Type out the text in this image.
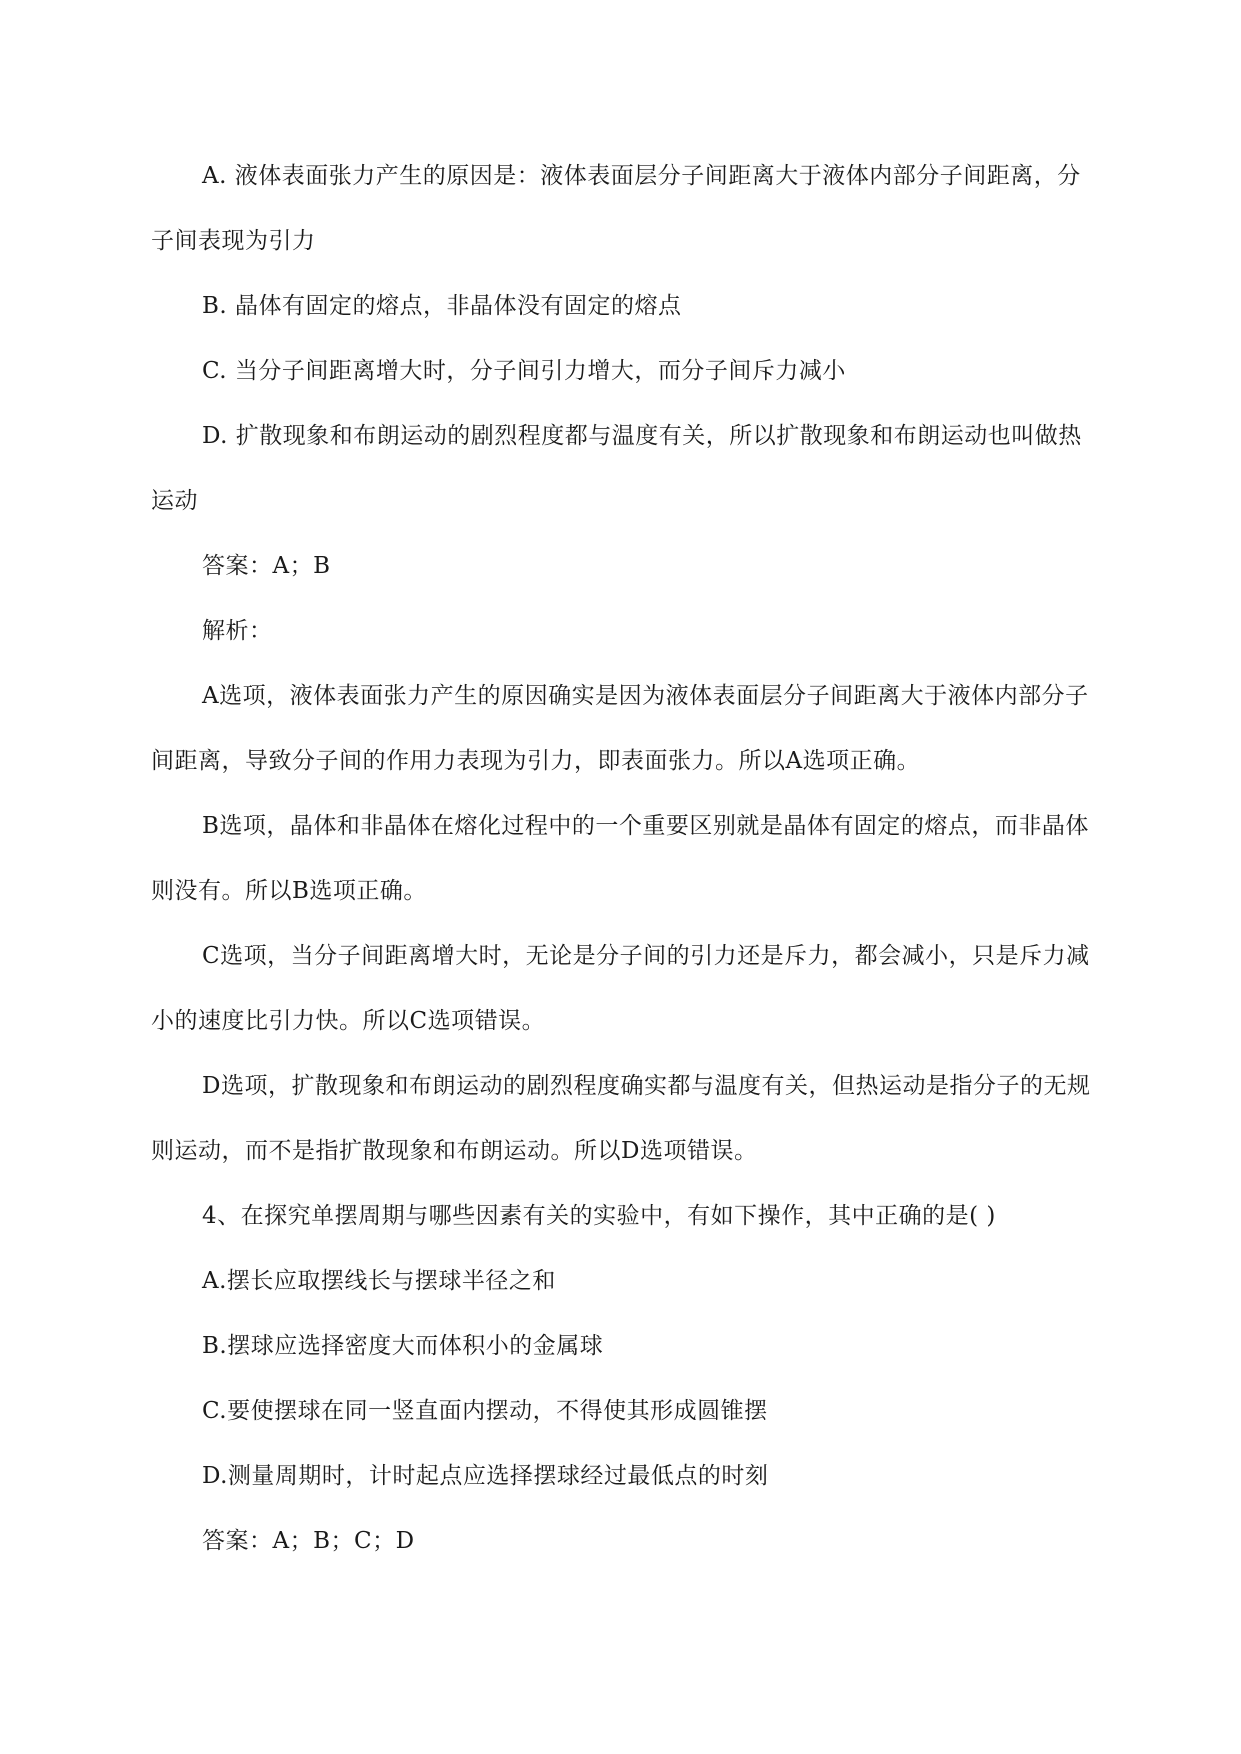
A. 液体表面张力产生的原因是：液体表面层分子间距离大于液体内部分子间距离，分子间表现为引力

B. 晶体有固定的熔点，非晶体没有固定的熔点

C. 当分子间距离增大时，分子间引力增大，而分子间斥力减小

D. 扩散现象和布朗运动的剧烈程度都与温度有关，所以扩散现象和布朗运动也叫做热运动

答案：A；B

解析：

A选项，液体表面张力产生的原因确实是因为液体表面层分子间距离大于液体内部分子间距离，导致分子间的作用力表现为引力，即表面张力。所以A选项正确。

B选项，晶体和非晶体在熔化过程中的一个重要区别就是晶体有固定的熔点，而非晶体则没有。所以B选项正确。

C选项，当分子间距离增大时，无论是分子间的引力还是斥力，都会减小，只是斥力减小的速度比引力快。所以C选项错误。

D选项，扩散现象和布朗运动的剧烈程度确实都与温度有关，但热运动是指分子的无规则运动，而不是指扩散现象和布朗运动。所以D选项错误。

4、在探究单摆周期与哪些因素有关的实验中，有如下操作，其中正确的是( )

A.摆长应取摆线长与摆球半径之和

B.摆球应选择密度大而体积小的金属球

C.要使摆球在同一竖直面内摆动，不得使其形成圆锥摆

D.测量周期时，计时起点应选择摆球经过最低点的时刻

答案：A；B；C；D
